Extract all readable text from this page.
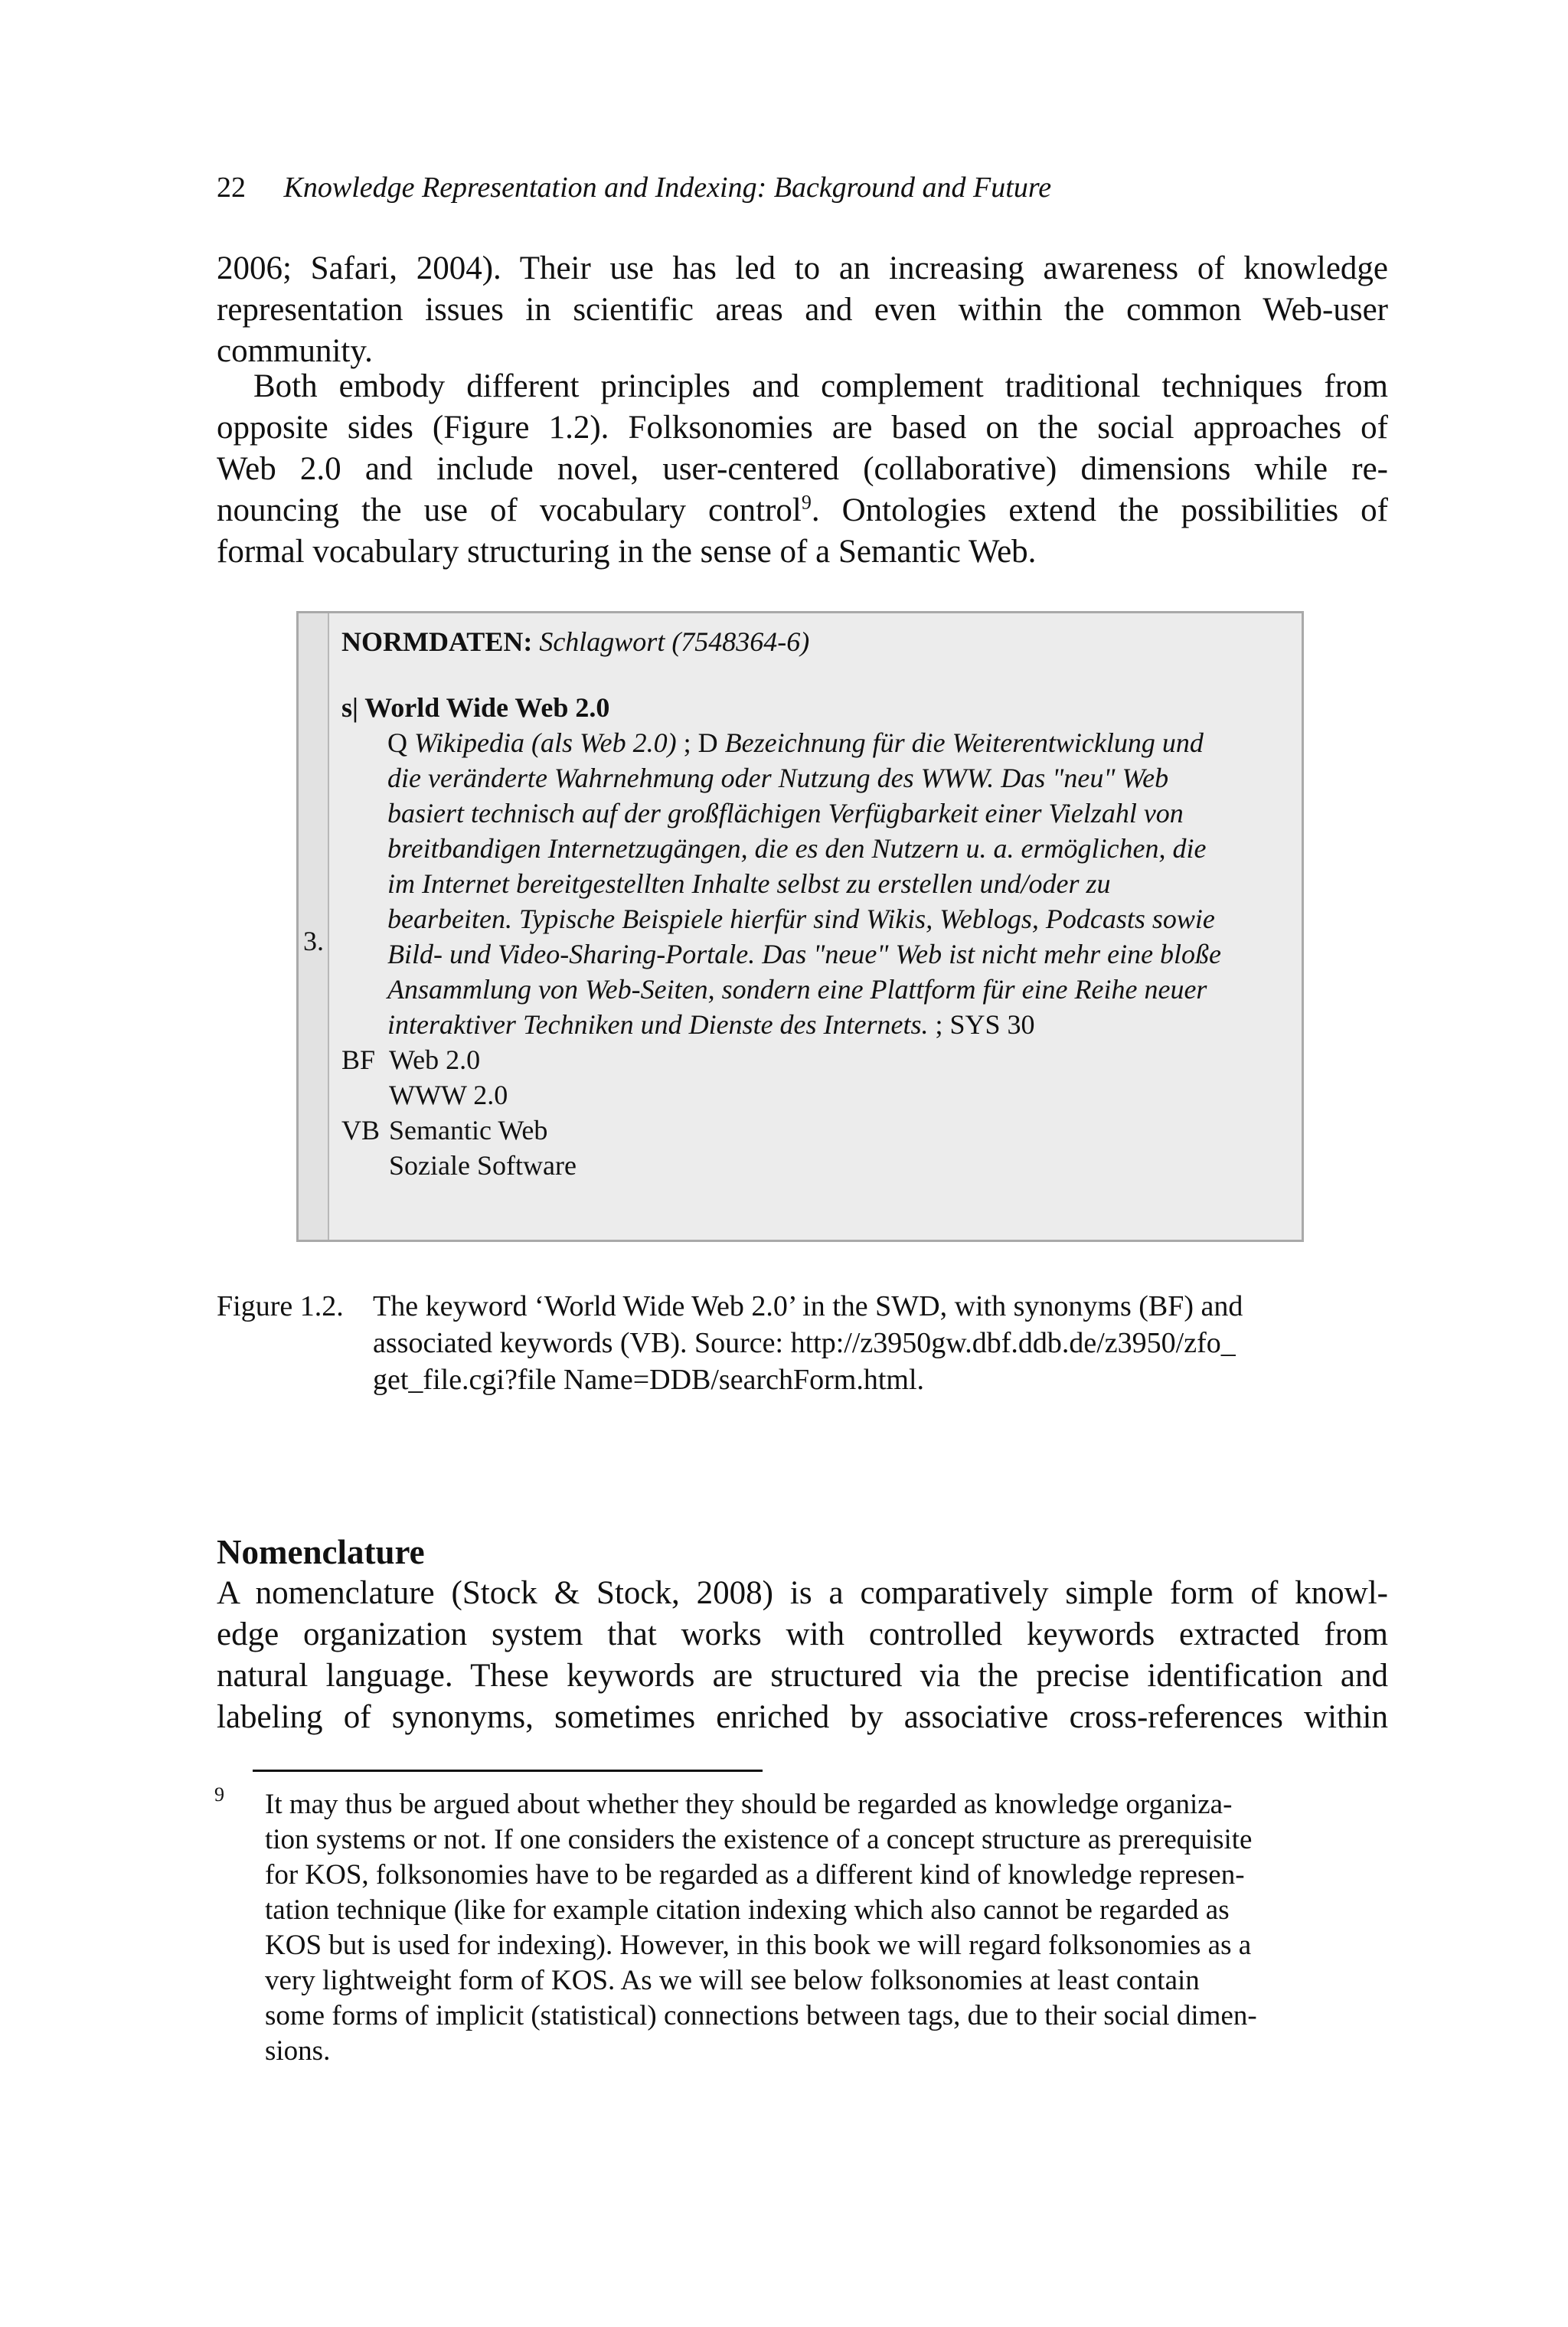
22 Knowledge Representation and Indexing: Background and Future
2006; Safari, 2004). Their use has led to an increasing awareness of knowledge
representation issues in scientific areas and even within the common Web-user
community.
Both embody different principles and complement traditional techniques from
opposite sides (Figure 1.2). Folksonomies are based on the social approaches of
Web 2.0 and include novel, user-centered (collaborative) dimensions while re-
nouncing the use of vocabulary control$^9$. Ontologies extend the possibilities of
formal vocabulary structuring in the sense of a Semantic Web.
3.
NORMDATEN: Schlagwort (7548364-6)
s| World Wide Web 2.0
Q Wikipedia (als Web 2.0) ; D Bezeichnung für die Weiterentwicklung und
die veränderte Wahrnehmung oder Nutzung des WWW. Das "neu" Web
basiert technisch auf der großflächigen Verfügbarkeit einer Vielzahl von
breitbandigen Internetzugängen, die es den Nutzern u. a. ermöglichen, die
im Internet bereitgestellten Inhalte selbst zu erstellen und/oder zu
bearbeiten. Typische Beispiele hierfür sind Wikis, Weblogs, Podcasts sowie
Bild- und Video-Sharing-Portale. Das "neue" Web ist nicht mehr eine bloße
Ansammlung von Web-Seiten, sondern eine Plattform für eine Reihe neuer
interaktiver Techniken und Dienste des Internets. ; SYS 30
BF Web 2.0
WWW 2.0
VB Semantic Web
Soziale Software
Figure 1.2. The keyword ‘World Wide Web 2.0’ in the SWD, with synonyms (BF) and
associated keywords (VB). Source: http://z3950gw.dbf.ddb.de/z3950/zfo_
get_file.cgi?file Name=DDB/searchForm.html.
Nomenclature
A nomenclature (Stock & Stock, 2008) is a comparatively simple form of knowl-
edge organization system that works with controlled keywords extracted from
natural language. These keywords are structured via the precise identification and
labeling of synonyms, sometimes enriched by associative cross-references within
9 It may thus be argued about whether they should be regarded as knowledge organiza-
tion systems or not. If one considers the existence of a concept structure as prerequisite
for KOS, folksonomies have to be regarded as a different kind of knowledge represen-
tation technique (like for example citation indexing which also cannot be regarded as
KOS but is used for indexing). However, in this book we will regard folksonomies as a
very lightweight form of KOS. As we will see below folksonomies at least contain
some forms of implicit (statistical) connections between tags, due to their social dimen-
sions.
